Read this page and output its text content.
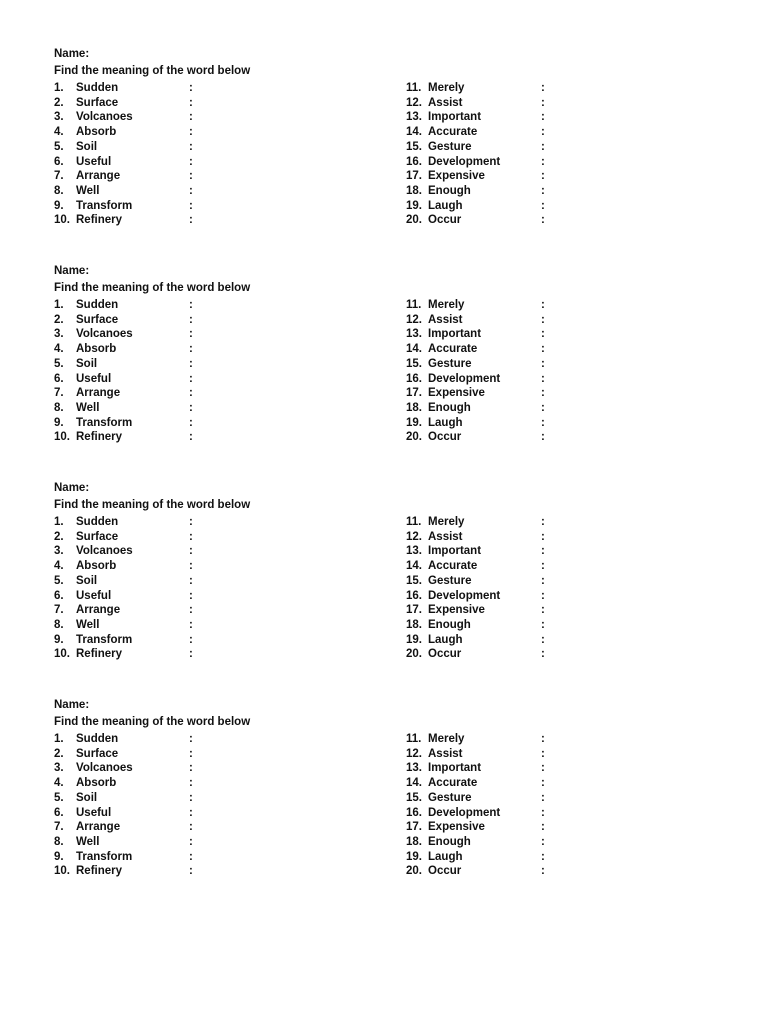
Name:
Find the meaning of the word below
1. Sudden	:
2. Surface	:
3. Volcanoes	:
4. Absorb	:
5. Soil	:
6. Useful	:
7. Arrange	:
8. Well	:
9. Transform	:
10. Refinery	:
11. Merely	:
12. Assist	:
13. Important	:
14. Accurate	:
15. Gesture	:
16. Development	:
17. Expensive	:
18. Enough	:
19. Laugh	:
20. Occur	:
Name:
Find the meaning of the word below
1. Sudden	:
2. Surface	:
3. Volcanoes	:
4. Absorb	:
5. Soil	:
6. Useful	:
7. Arrange	:
8. Well	:
9. Transform	:
10. Refinery	:
11. Merely	:
12. Assist	:
13. Important	:
14. Accurate	:
15. Gesture	:
16. Development	:
17. Expensive	:
18. Enough	:
19. Laugh	:
20. Occur	:
Name:
Find the meaning of the word below
1. Sudden	:
2. Surface	:
3. Volcanoes	:
4. Absorb	:
5. Soil	:
6. Useful	:
7. Arrange	:
8. Well	:
9. Transform	:
10. Refinery	:
11. Merely	:
12. Assist	:
13. Important	:
14. Accurate	:
15. Gesture	:
16. Development	:
17. Expensive	:
18. Enough	:
19. Laugh	:
20. Occur	:
Name:
Find the meaning of the word below
1. Sudden	:
2. Surface	:
3. Volcanoes	:
4. Absorb	:
5. Soil	:
6. Useful	:
7. Arrange	:
8. Well	:
9. Transform	:
10. Refinery	:
11. Merely	:
12. Assist	:
13. Important	:
14. Accurate	:
15. Gesture	:
16. Development	:
17. Expensive	:
18. Enough	:
19. Laugh	:
20. Occur	:
